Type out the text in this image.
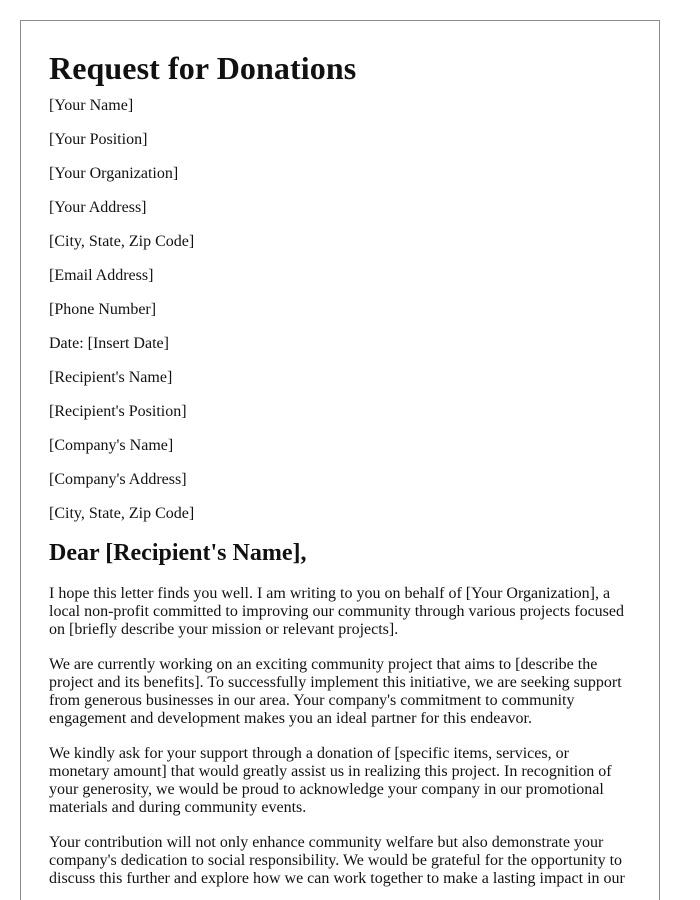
Request for Donations
[Your Name]
[Your Position]
[Your Organization]
[Your Address]
[City, State, Zip Code]
[Email Address]
[Phone Number]
Date: [Insert Date]
[Recipient's Name]
[Recipient's Position]
[Company's Name]
[Company's Address]
[City, State, Zip Code]
Dear [Recipient's Name],

I hope this letter finds you well. I am writing to you on behalf of [Your Organization], a local non-profit committed to improving our community through various projects focused on [briefly describe your mission or relevant projects].

We are currently working on an exciting community project that aims to [describe the project and its benefits]. To successfully implement this initiative, we are seeking support from generous businesses in our area. Your company's commitment to community engagement and development makes you an ideal partner for this endeavor.

We kindly ask for your support through a donation of [specific items, services, or monetary amount] that would greatly assist us in realizing this project. In recognition of your generosity, we would be proud to acknowledge your company in our promotional materials and during community events.

Your contribution will not only enhance community welfare but also demonstrate your company's dedication to social responsibility. We would be grateful for the opportunity to discuss this further and explore how we can work together to make a lasting impact in our
